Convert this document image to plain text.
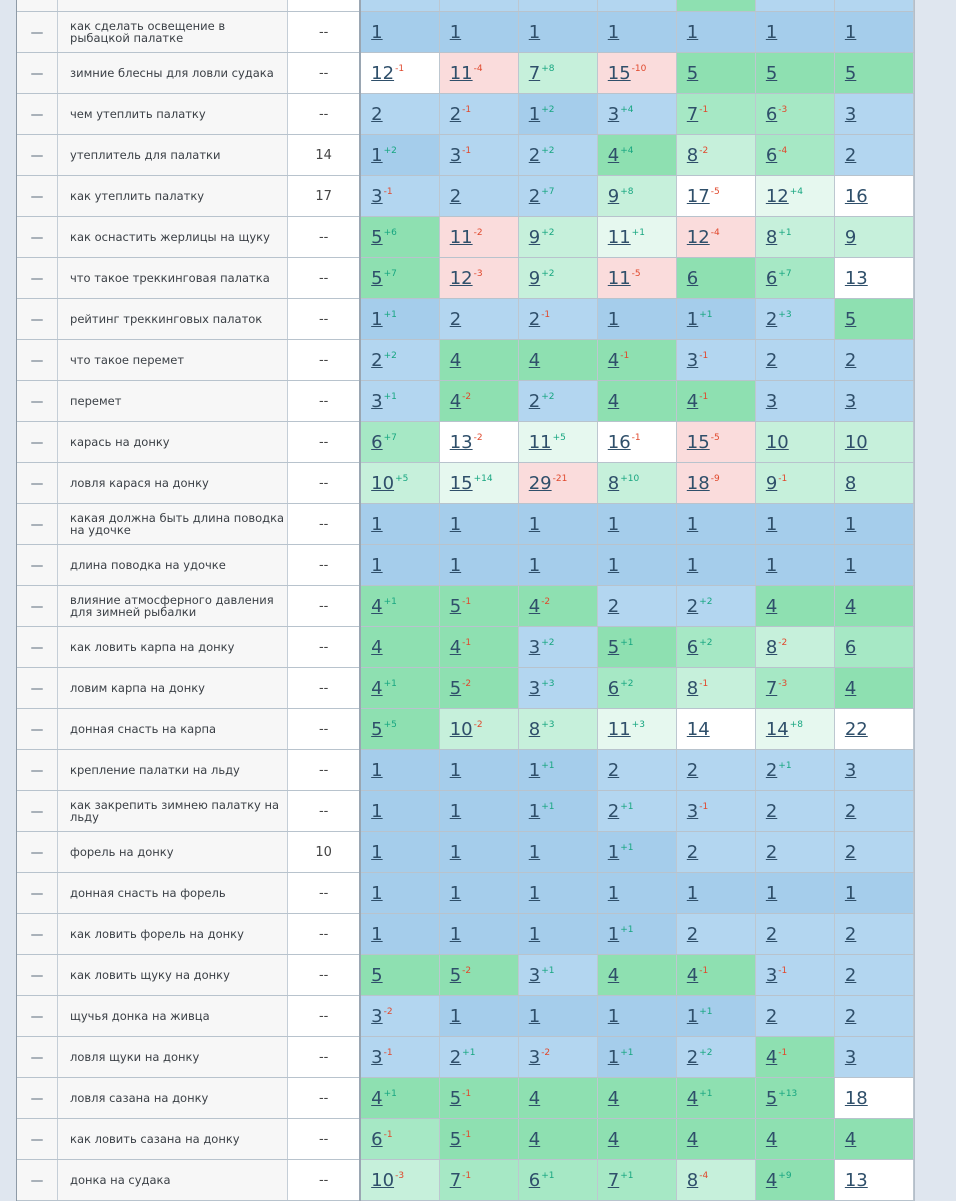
	как сделать освещение в рыбацкой палатке	--	1	1	1	1	1	1	1
	зимние блесны для ловли судака	--	$12^{-1}$	$11^{-4}$	$7^{+8}$	$15^{-10}$	5	5	5
	чем утеплить палатку	--	2	$2^{-1}$	$1^{+2}$	$3^{+4}$	$7^{-1}$	$6^{-3}$	3
	утеплитель для палатки	14	$1^{+2}$	$3^{-1}$	$2^{+2}$	$4^{+4}$	$8^{-2}$	$6^{-4}$	2
	как утеплить палатку	17	$3^{-1}$	2	$2^{+7}$	$9^{+8}$	$17^{-5}$	$12^{+4}$	16
	как оснастить жерлицы на щуку	--	$5^{+6}$	$11^{-2}$	$9^{+2}$	$11^{+1}$	$12^{-4}$	$8^{+1}$	9
	что такое треккинговая палатка	--	$5^{+7}$	$12^{-3}$	$9^{+2}$	$11^{-5}$	6	$6^{+7}$	13
	рейтинг треккинговых палаток	--	$1^{+1}$	2	$2^{-1}$	1	$1^{+1}$	$2^{+3}$	5
	что такое перемет	--	$2^{+2}$	4	4	$4^{-1}$	$3^{-1}$	2	2
	перемет	--	$3^{+1}$	$4^{-2}$	$2^{+2}$	4	$4^{-1}$	3	3
	карась на донку	--	$6^{+7}$	$13^{-2}$	$11^{+5}$	$16^{-1}$	$15^{-5}$	10	10
	ловля карася на донку	--	$10^{+5}$	$15^{+14}$	$29^{-21}$	$8^{+10}$	$18^{-9}$	$9^{-1}$	8
	какая должна быть длина поводка на удочке	--	1	1	1	1	1	1	1
	длина поводка на удочке	--	1	1	1	1	1	1	1
	влияние атмосферного давления для зимней рыбалки	--	$4^{+1}$	$5^{-1}$	$4^{-2}$	2	$2^{+2}$	4	4
	как ловить карпа на донку	--	4	$4^{-1}$	$3^{+2}$	$5^{+1}$	$6^{+2}$	$8^{-2}$	6
	ловим карпа на донку	--	$4^{+1}$	$5^{-2}$	$3^{+3}$	$6^{+2}$	$8^{-1}$	$7^{-3}$	4
	донная снасть на карпа	--	$5^{+5}$	$10^{-2}$	$8^{+3}$	$11^{+3}$	14	$14^{+8}$	22
	крепление палатки на льду	--	1	1	$1^{+1}$	2	2	$2^{+1}$	3
	как закрепить зимнею палатку на льду	--	1	1	$1^{+1}$	$2^{+1}$	$3^{-1}$	2	2
	форель на донку	10	1	1	1	$1^{+1}$	2	2	2
	донная снасть на форель	--	1	1	1	1	1	1	1
	как ловить форель на донку	--	1	1	1	$1^{+1}$	2	2	2
	как ловить щуку на донку	--	5	$5^{-2}$	$3^{+1}$	4	$4^{-1}$	$3^{-1}$	2
	щучья донка на живца	--	$3^{-2}$	1	1	1	$1^{+1}$	2	2
	ловля щуки на донку	--	$3^{-1}$	$2^{+1}$	$3^{-2}$	$1^{+1}$	$2^{+2}$	$4^{-1}$	3
	ловля сазана на донку	--	$4^{+1}$	$5^{-1}$	4	4	$4^{+1}$	$5^{+13}$	18
	как ловить сазана на донку	--	$6^{-1}$	$5^{-1}$	4	4	4	4	4
	донка на судака	--	$10^{-3}$	$7^{-1}$	$6^{+1}$	$7^{+1}$	$8^{-4}$	$4^{+9}$	13
